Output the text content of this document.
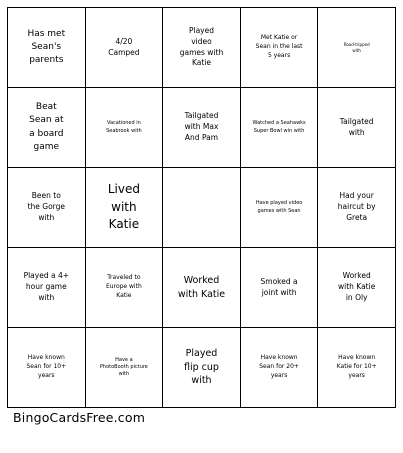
Has met Sean's parents
4/20 Camped
Played video games with Katie
Met Katie or Sean in the last 5 years
Road-tripped with
Beat Sean at a board game
Vacationed in Seabrook with
Tailgated with Max And Pam
Watched a Seahawks Super Bowl win with
Tailgated with
Been to the Gorge with
Lived with Katie
Have played video games with Sean
Had your haircut by Greta
Played a 4+ hour game with
Traveled to Europe with Katie
Worked with Katie
Smoked a joint with
Worked with Katie in Oly
Have known Sean for 10+ years
Have a PhotoBooth picture with
Played flip cup with
Have known Sean for 20+ years
Have known Katie for 10+ years
BingoCardsFree.com
